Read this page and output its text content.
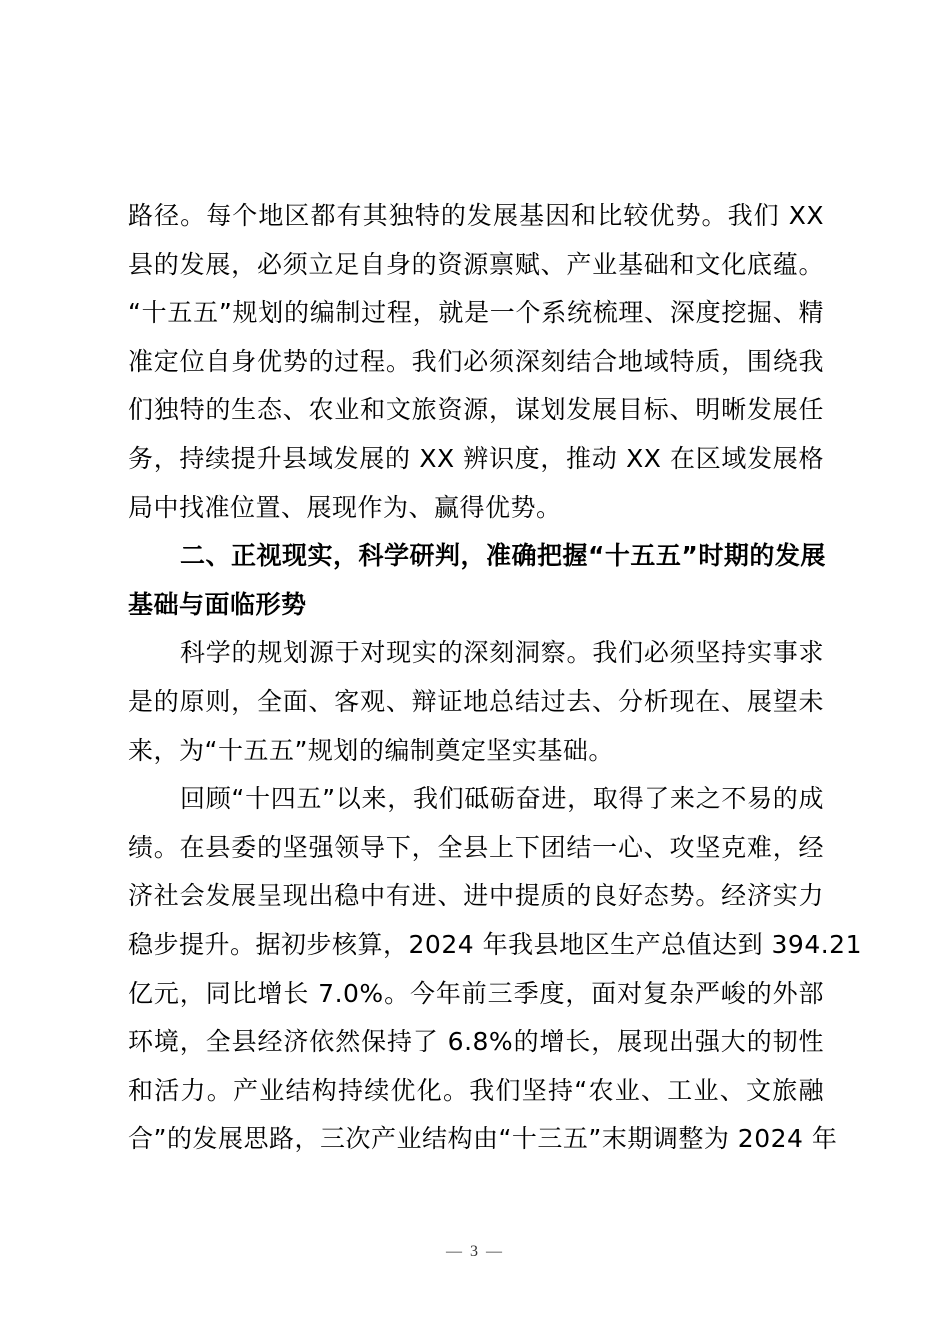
路径。每个地区都有其独特的发展基因和比较优势。我们 XX
县的发展，必须立足自身的资源禀赋、产业基础和文化底蕴。
“十五五”规划的编制过程，就是一个系统梳理、深度挖掘、精
准定位自身优势的过程。我们必须深刻结合地域特质，围绕我
们独特的生态、农业和文旅资源，谋划发展目标、明晰发展任
务，持续提升县域发展的 XX 辨识度，推动 XX 在区域发展格
局中找准位置、展现作为、赢得优势。
二、正视现实，科学研判，准确把握“十五五”时期的发展
基础与面临形势
科学的规划源于对现实的深刻洞察。我们必须坚持实事求
是的原则，全面、客观、辩证地总结过去、分析现在、展望未
来，为“十五五”规划的编制奠定坚实基础。
回顾“十四五”以来，我们砥砺奋进，取得了来之不易的成
绩。在县委的坚强领导下，全县上下团结一心、攻坚克难，经
济社会发展呈现出稳中有进、进中提质的良好态势。经济实力
稳步提升。据初步核算，2024 年我县地区生产总值达到 394.21
亿元，同比增长 7.0%。今年前三季度，面对复杂严峻的外部
环境，全县经济依然保持了 6.8%的增长，展现出强大的韧性
和活力。产业结构持续优化。我们坚持“农业、工业、文旅融
合”的发展思路，三次产业结构由“十三五”末期调整为 2024 年
— 3 —
